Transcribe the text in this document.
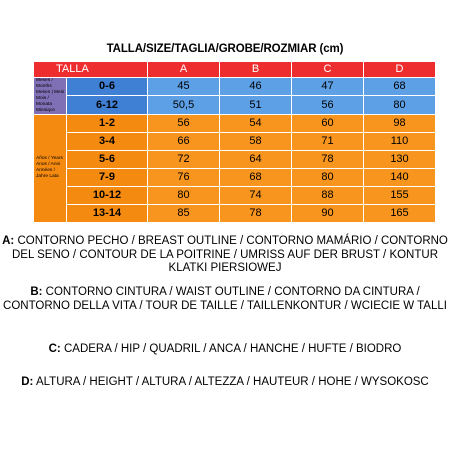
TALLA/SIZE/TAGLIA/GROBE/ROZMIAR (cm)
TALLA		A	B	C	D
Meses / Months Meses | Mesi Mois / Monata Miesiące	0-6	45	46	47	68
	6-12	50,5	51	56	80
Años / Years Anos / Anni Années / Jahre Lata	1-2	56	54	60	98
	3-4	66	58	71	110
	5-6	72	64	78	130
	7-9	76	68	80	140
	10-12	80	74	88	155
	13-14	85	78	90	165
A: CONTORNO PECHO / BREAST OUTLINE / CONTORNO MAMÁRIO / CONTORNO DEL SENO / CONTOUR DE LA POITRINE / UMRISS AUF DER BRUST / KONTUR KLATKI PIERSIOWEJ
B: CONTORNO CINTURA / WAIST OUTLINE / CONTORNO DA CINTURA / CONTORNO DELLA VITA / TOUR DE TAILLE / TAILLENKONTUR / WCIECIE W TALLI
C: CADERA / HIP / QUADRIL / ANCA / HANCHE / HUFTE / BIODRO
D: ALTURA / HEIGHT / ALTURA / ALTEZZA / HAUTEUR / HOHE / WYSOKOSC
